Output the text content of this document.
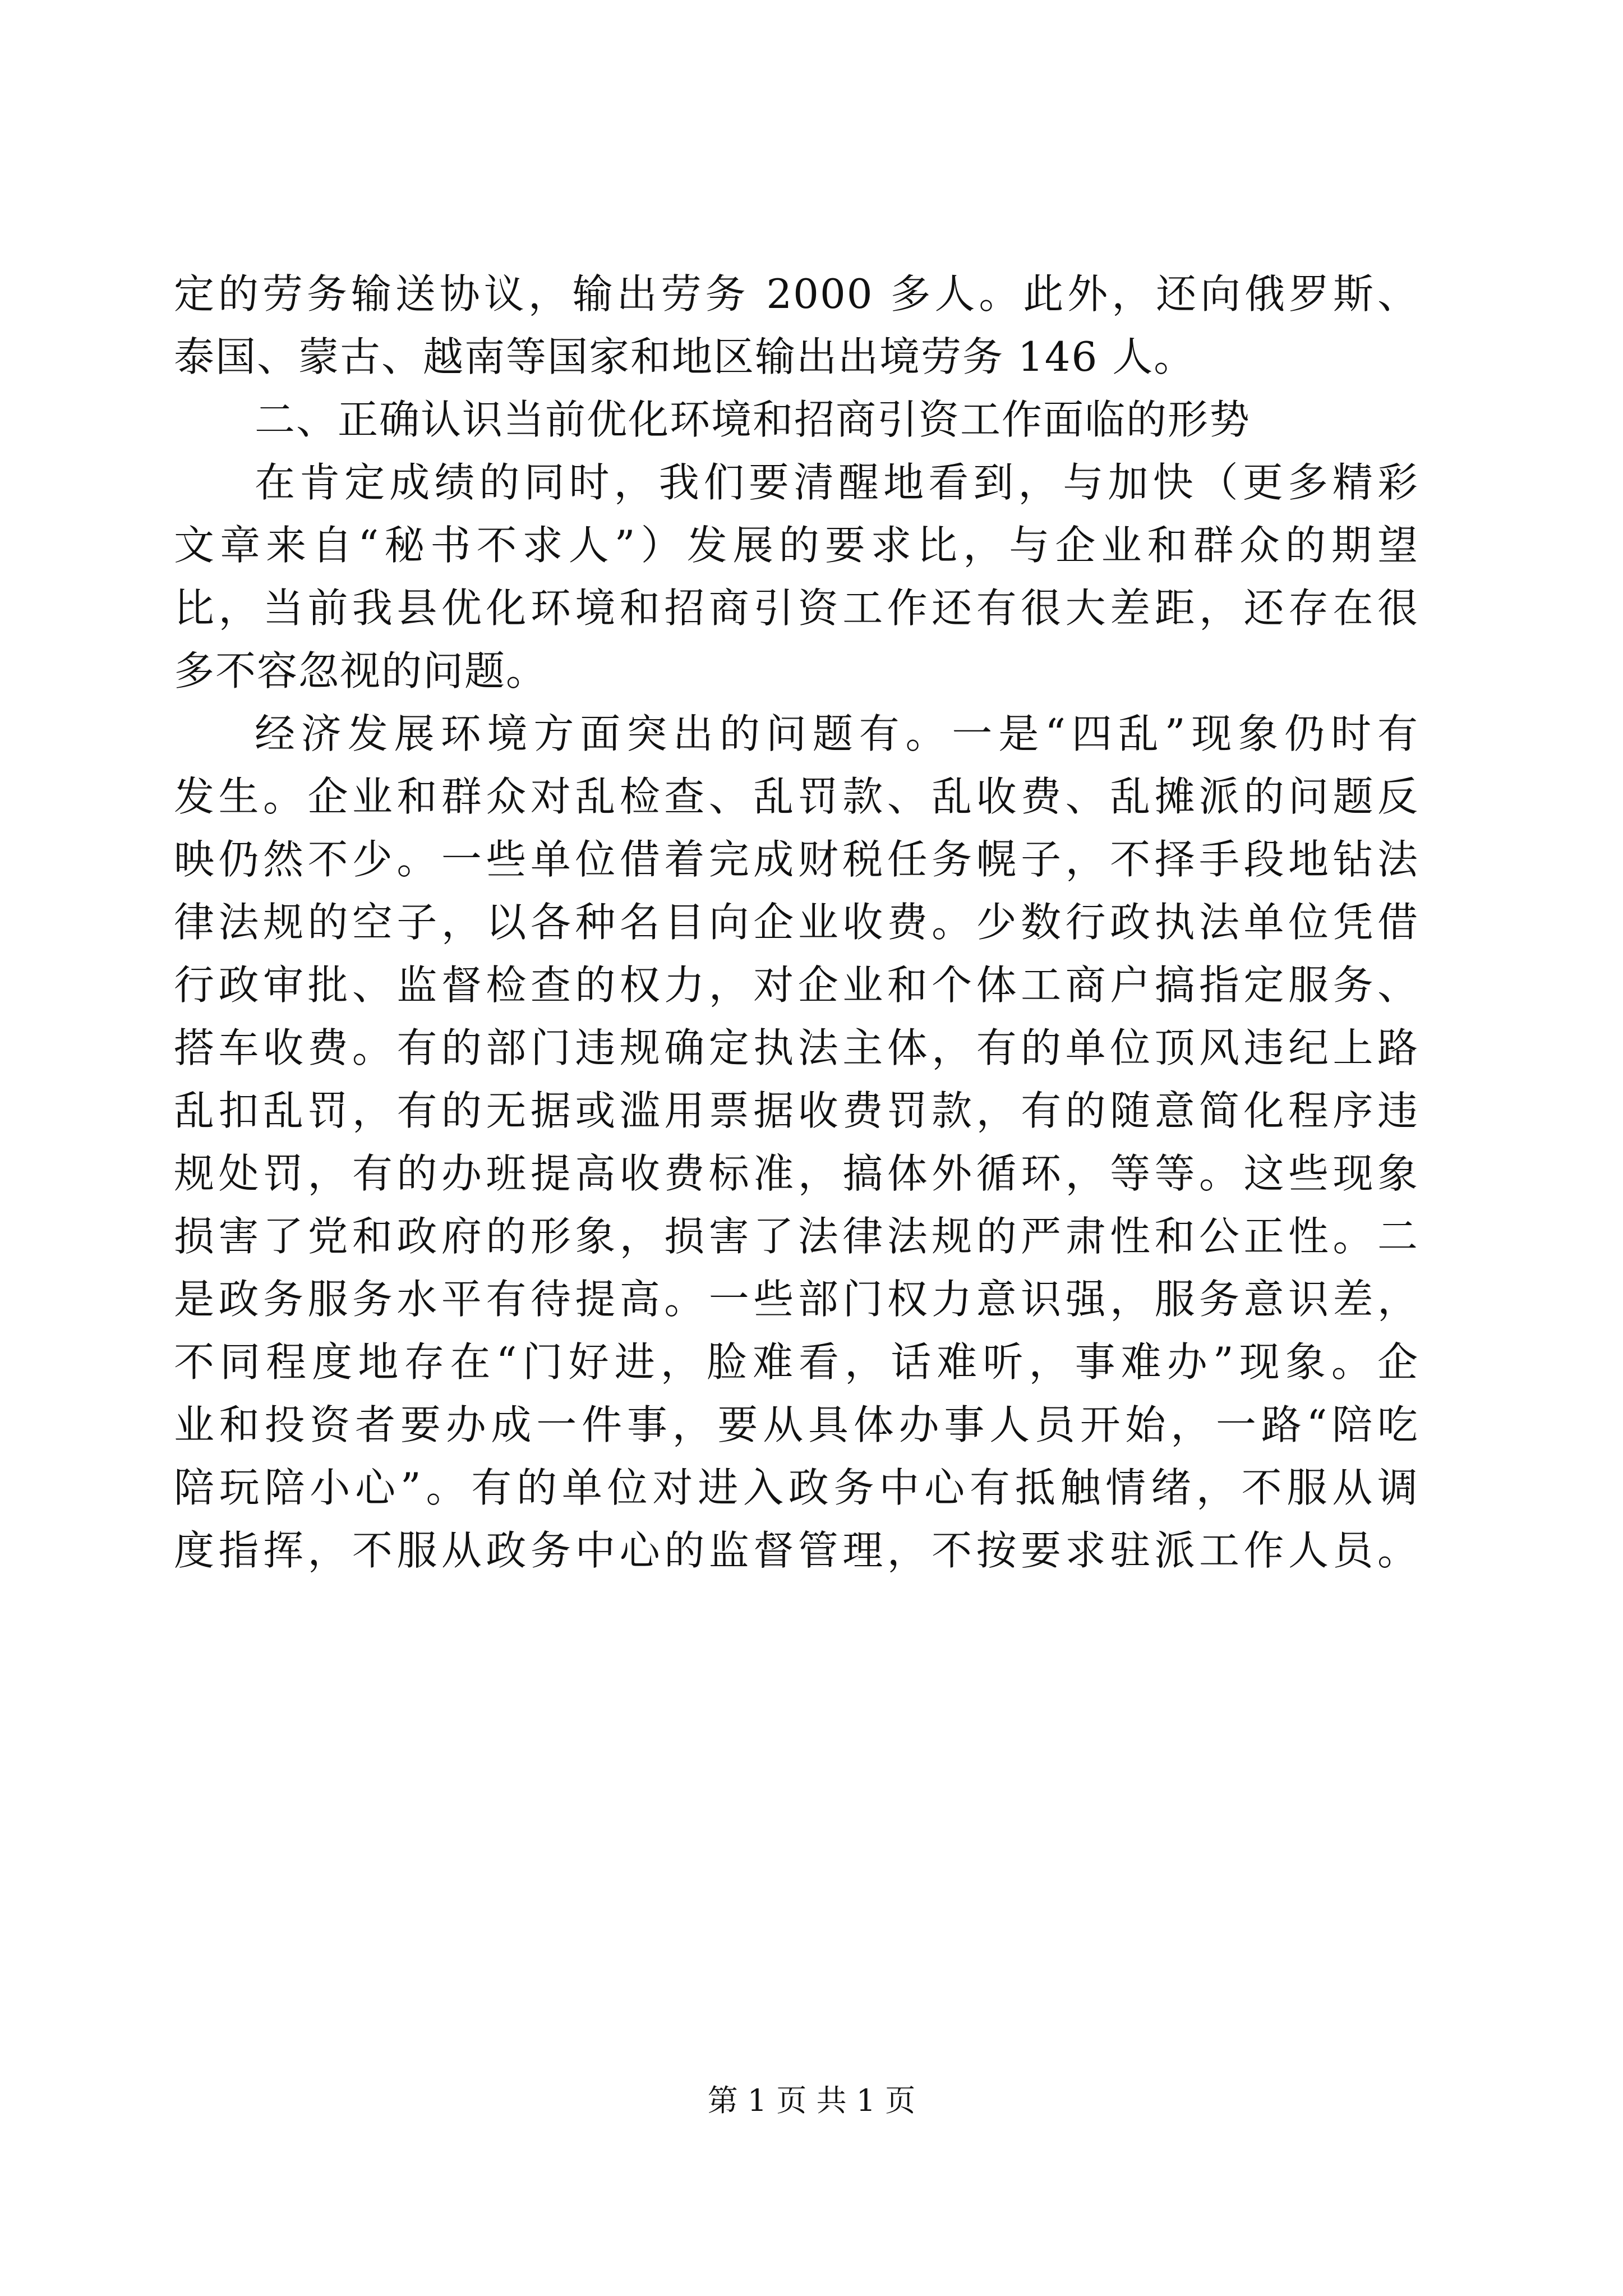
定的劳务输送协议，输出劳务 2000 多人。此外，还向俄罗斯、
泰国、蒙古、越南等国家和地区输出出境劳务 146 人。
二、正确认识当前优化环境和招商引资工作面临的形势
在肯定成绩的同时，我们要清醒地看到，与加快（更多精彩
文章来自“秘书不求人”）发展的要求比，与企业和群众的期望
比，当前我县优化环境和招商引资工作还有很大差距，还存在很
多不容忽视的问题。
经济发展环境方面突出的问题有。一是“四乱”现象仍时有
发生。企业和群众对乱检查、乱罚款、乱收费、乱摊派的问题反
映仍然不少。一些单位借着完成财税任务幌子，不择手段地钻法
律法规的空子，以各种名目向企业收费。少数行政执法单位凭借
行政审批、监督检查的权力，对企业和个体工商户搞指定服务、
搭车收费。有的部门违规确定执法主体，有的单位顶风违纪上路
乱扣乱罚，有的无据或滥用票据收费罚款，有的随意简化程序违
规处罚，有的办班提高收费标准，搞体外循环，等等。这些现象
损害了党和政府的形象，损害了法律法规的严肃性和公正性。二
是政务服务水平有待提高。一些部门权力意识强，服务意识差，
不同程度地存在“门好进，脸难看，话难听，事难办”现象。企
业和投资者要办成一件事，要从具体办事人员开始，一路“陪吃
陪玩陪小心”。有的单位对进入政务中心有抵触情绪，不服从调
度指挥，不服从政务中心的监督管理，不按要求驻派工作人员。
第 1 页 共 1 页
